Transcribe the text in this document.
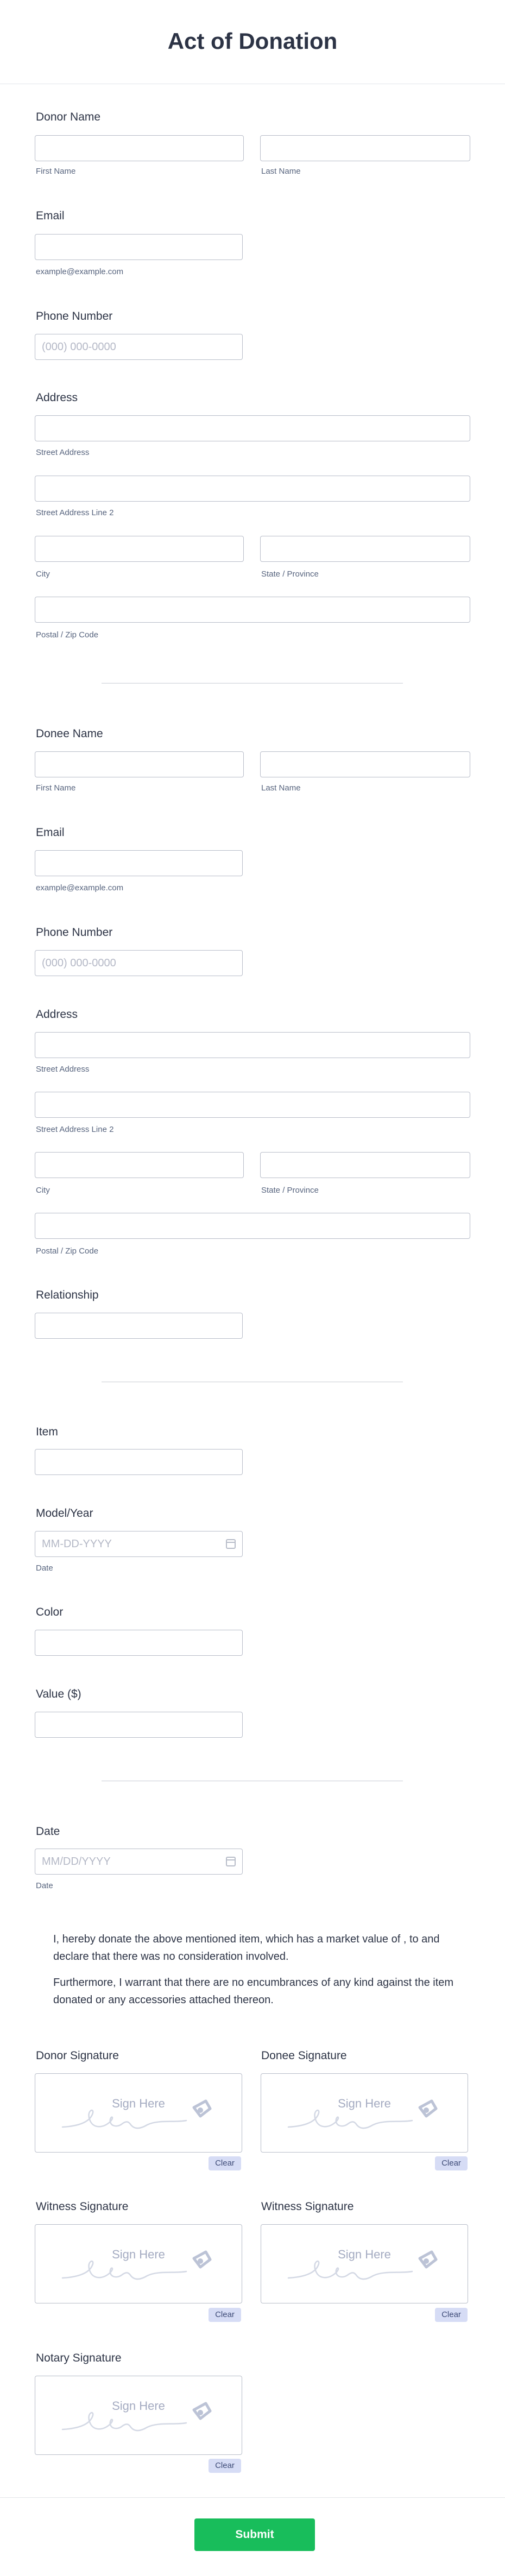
Act of Donation
Donor Name
First Name	Last Name
Email
example@example.com
Phone Number
(000) 000-0000
Address
Street Address
Street Address Line 2
City	State / Province
Postal / Zip Code
Donee Name
First Name	Last Name
Email
example@example.com
Phone Number
(000) 000-0000
Address
Street Address
Street Address Line 2
City	State / Province
Postal / Zip Code
Relationship
Item
Model/Year
MM-DD-YYYY
Date
Color
Value ($)
Date
MM/DD/YYYY
Date
I, hereby donate the above mentioned item, which has a market value of , to and declare that there was no consideration involved.
Furthermore, I warrant that there are no encumbrances of any kind against the item donated or any accessories attached thereon.
Donor Signature
Sign Here
Clear
Donee Signature
Sign Here
Clear
Witness Signature
Sign Here
Clear
Witness Signature
Sign Here
Clear
Notary Signature
Sign Here
Clear
Submit
